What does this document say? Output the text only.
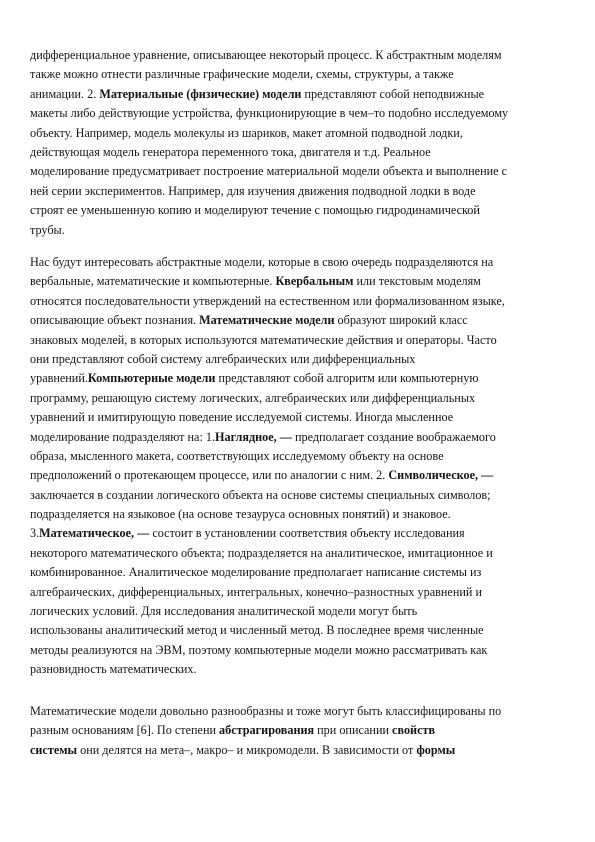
дифференциальное уравнение, описывающее некоторый процесс. К абстрактным моделям
также можно отнести различные графические модели, схемы, структуры, а также
анимации. 2. Материальные (физические) модели представляют собой неподвижные
макеты либо действующие устройства, функционирующие в чем–то подобно исследуемому
объекту. Например, модель молекулы из шариков, макет атомной подводной лодки,
действующая модель генератора переменного тока, двигателя и т.д. Реальное
моделирование предусматривает построение материальной модели объекта и выполнение с
ней серии экспериментов. Например, для изучения движения подводной лодки в воде
строят ее уменьшенную копию и моделируют течение с помощью гидродинамической
трубы.
Нас будут интересовать абстрактные модели, которые в свою очередь подразделяются на
вербальные, математические и компьютерные. Квербальным или текстовым моделям
относятся последовательности утверждений на естественном или формализованном языке,
описывающие объект познания. Математические модели образуют широкий класс
знаковых моделей, в которых используются математические действия и операторы. Часто
они представляют собой систему алгебраических или дифференциальных
уравнений.Компьютерные модели представляют собой алгоритм или компьютерную
программу, решающую систему логических, алгебраических или дифференциальных
уравнений и имитирующую поведение исследуемой системы. Иногда мысленное
моделирование подразделяют на: 1.Наглядное, — предполагает создание воображаемого
образа, мысленного макета, соответствующих исследуемому объекту на основе
предположений о протекающем процессе, или по аналогии с ним. 2. Символическое, —
заключается в создании логического объекта на основе системы специальных символов;
подразделяется на языковое (на основе тезауруса основных понятий) и знаковое.
3.Математическое, — состоит в установлении соответствия объекту исследования
некоторого математического объекта; подразделяется на аналитическое, имитационное и
комбинированное. Аналитическое моделирование предполагает написание системы из
алгебраических, дифференциальных, интегральных, конечно–разностных уравнений и
логических условий. Для исследования аналитической модели могут быть
использованы аналитический метод и численный метод. В последнее время численные
методы реализуются на ЭВМ, поэтому компьютерные модели можно рассматривать как
разновидность математических.
Математические модели довольно разнообразны и тоже могут быть классифицированы по
разным основаниям [6]. По степени абстрагирования при описании свойств
системы они делятся на мета–, макро– и микромодели. В зависимости от формы
